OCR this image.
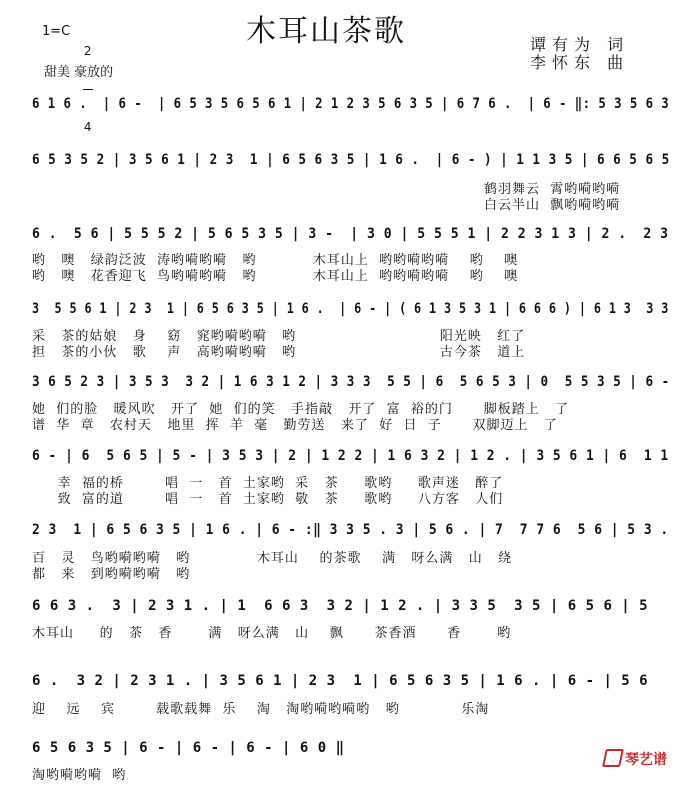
木耳山茶歌
1=C

2

4

甜美 豪放的
谭有为 词
李怀东 曲
6 1 6 .  | 6 -  | 6 5 3 5 6 5 6 1 | 2 1 2 3 5 6 3 5 | 6 7 6 .  | 6 - ‖: 5 3 5 6 3
6 5 3 5 2 | 3 5 6 1 | 2 3  1 | 6 5 6 3 5 | 1 6 .  | 6 - ) | 1 1 3 5 | 6 6 5 6 5
鹤羽舞云  霄哟嗬哟嗬
白云半山  飘哟嗬哟嗬
6 .  5 6 | 5 5 5 2 | 5 6 5 3 5 | 3 -  | 3 0 | 5 5 5 1 | 2 2 3 1 3 | 2 .  2 3
哟   噢   绿韵泛波  涛哟嗬哟嗬   哟           木耳山上  哟哟嗬哟嗬    哟    噢
哟   噢   花香迎飞  鸟哟嗬哟嗬   哟           木耳山上  哟哟嗬哟嗬    哟    噢
3  5 5 6 1 | 2 3  1 | 6 5 6 3 5 | 1 6 .  | 6 - | ( 6 1 3 5 3 1 | 6 6 6 ) | 6 1 3  3 3
采   茶的姑娘   身    窈   窕哟嗬哟嗬   哟                            阳光映   红了
担   茶的小伙   歌    声   高哟嗬哟嗬   哟                            古今茶   道上
3 6 5 2 3 | 3 5 3  3 2 | 1 6 3 1 2 | 3 3 3  5 5 | 6  5 6 5 3 | 0  5 5 3 5 | 6 -
她  们的脸   暖风吹   开了  她  们的笑   手指敲   开了  富  裕的门      脚板踏上   了
谱  华  章   农村天   地里  挥  羊  毫   勤劳送   来了  好  日  子      双脚迈上   了
6 - | 6  5 6 5 | 5 - | 3 5 3 | 2 | 1 2 2 | 1 6 3 2 | 1 2 . | 3 5 6 1 | 6  1 1
幸  福的桥        唱  一   首  土家哟  采   茶     歌哟     歌声迷   醉了
致  富的道        唱  一   首  土家哟  敬   茶     歌哟     八方客   人们
2 3  1 | 6 5 6 3 5 | 1 6 . | 6 - :‖ 3 3 5 . 3 | 5 6 . | 7  7 7 6  5 6 | 5 3 .
百   灵   鸟哟嗬哟嗬   哟             木耳山    的茶歌    满   呀么满   山   绕
都   来   到哟嗬哟嗬   哟
6 6 3 .  3 | 2 3 1 . | 1  6 6 3  3 2 | 1 2 . | 3 3 5  3 5 | 6 5 6 | 5
木耳山     的   茶   香       满   呀么满   山    飘      茶香酒      香       哟
6 .  3 2 | 2 3 1 . | 3 5 6 1 | 2 3  1 | 6 5 6 3 5 | 1 6 . | 6 - | 5 6
迎    远    宾        载歌载舞  乐    淘   淘哟嗬哟嗬哟   哟            乐淘
6 5 6 3 5 | 6 - | 6 - | 6 - | 6 0 ‖
淘哟嗬哟嗬  哟

琴艺谱
